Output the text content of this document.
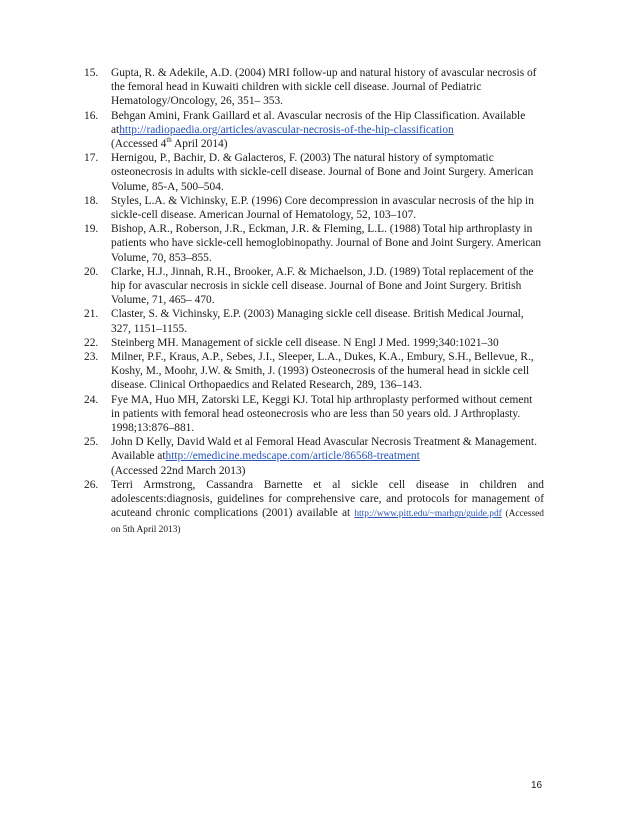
15.	Gupta, R. & Adekile, A.D. (2004) MRI follow-up and natural history of avascular necrosis of the femoral head in Kuwaiti children with sickle cell disease. Journal of Pediatric Hematology/Oncology, 26, 351– 353.
16.	Behgan Amini, Frank Gaillard et al. Avascular necrosis of the Hip Classification. Available athttp://radiopaedia.org/articles/avascular-necrosis-of-the-hip-classification
(Accessed 4th April 2014)
17.	Hernigou, P., Bachir, D. & Galacteros, F. (2003) The natural history of symptomatic osteonecrosis in adults with sickle-cell disease. Journal of Bone and Joint Surgery. American Volume, 85-A, 500–504.
18.	Styles, L.A. & Vichinsky, E.P. (1996) Core decompression in avascular necrosis of the hip in sickle-cell disease. American Journal of Hematology, 52, 103–107.
19.	Bishop, A.R., Roberson, J.R., Eckman, J.R. & Fleming, L.L. (1988) Total hip arthroplasty in patients who have sickle-cell hemoglobinopathy. Journal of Bone and Joint Surgery. American Volume, 70, 853–855.
20.	Clarke, H.J., Jinnah, R.H., Brooker, A.F. & Michaelson, J.D. (1989) Total replacement of the hip for avascular necrosis in sickle cell disease. Journal of Bone and Joint Surgery. British Volume, 71, 465– 470.
21.	Claster, S. & Vichinsky, E.P. (2003) Managing sickle cell disease. British Medical Journal, 327, 1151–1155.
22.	Steinberg MH. Management of sickle cell disease. N Engl J Med. 1999;340:1021–30
23.	Milner, P.F., Kraus, A.P., Sebes, J.I., Sleeper, L.A., Dukes, K.A., Embury, S.H., Bellevue, R., Koshy, M., Moohr, J.W. & Smith, J. (1993) Osteonecrosis of the humeral head in sickle cell disease. Clinical Orthopaedics and Related Research, 289, 136–143.
24.	Fye MA, Huo MH, Zatorski LE, Keggi KJ. Total hip arthroplasty performed without cement in patients with femoral head osteonecrosis who are less than 50 years old. J Arthroplasty. 1998;13:876–881.
25.	John D Kelly, David Wald et al Femoral Head Avascular Necrosis Treatment & Management. Available athttp://emedicine.medscape.com/article/86568-treatment
(Accessed 22nd March 2013)
26.	Terri Armstrong, Cassandra Barnette et al sickle cell disease in children and adolescents:diagnosis, guidelines for comprehensive care, and protocols for management of acuteand chronic complications (2001) available at http://www.pitt.edu/~marhgn/guide.pdf (Accessed on 5th April 2013)
16
